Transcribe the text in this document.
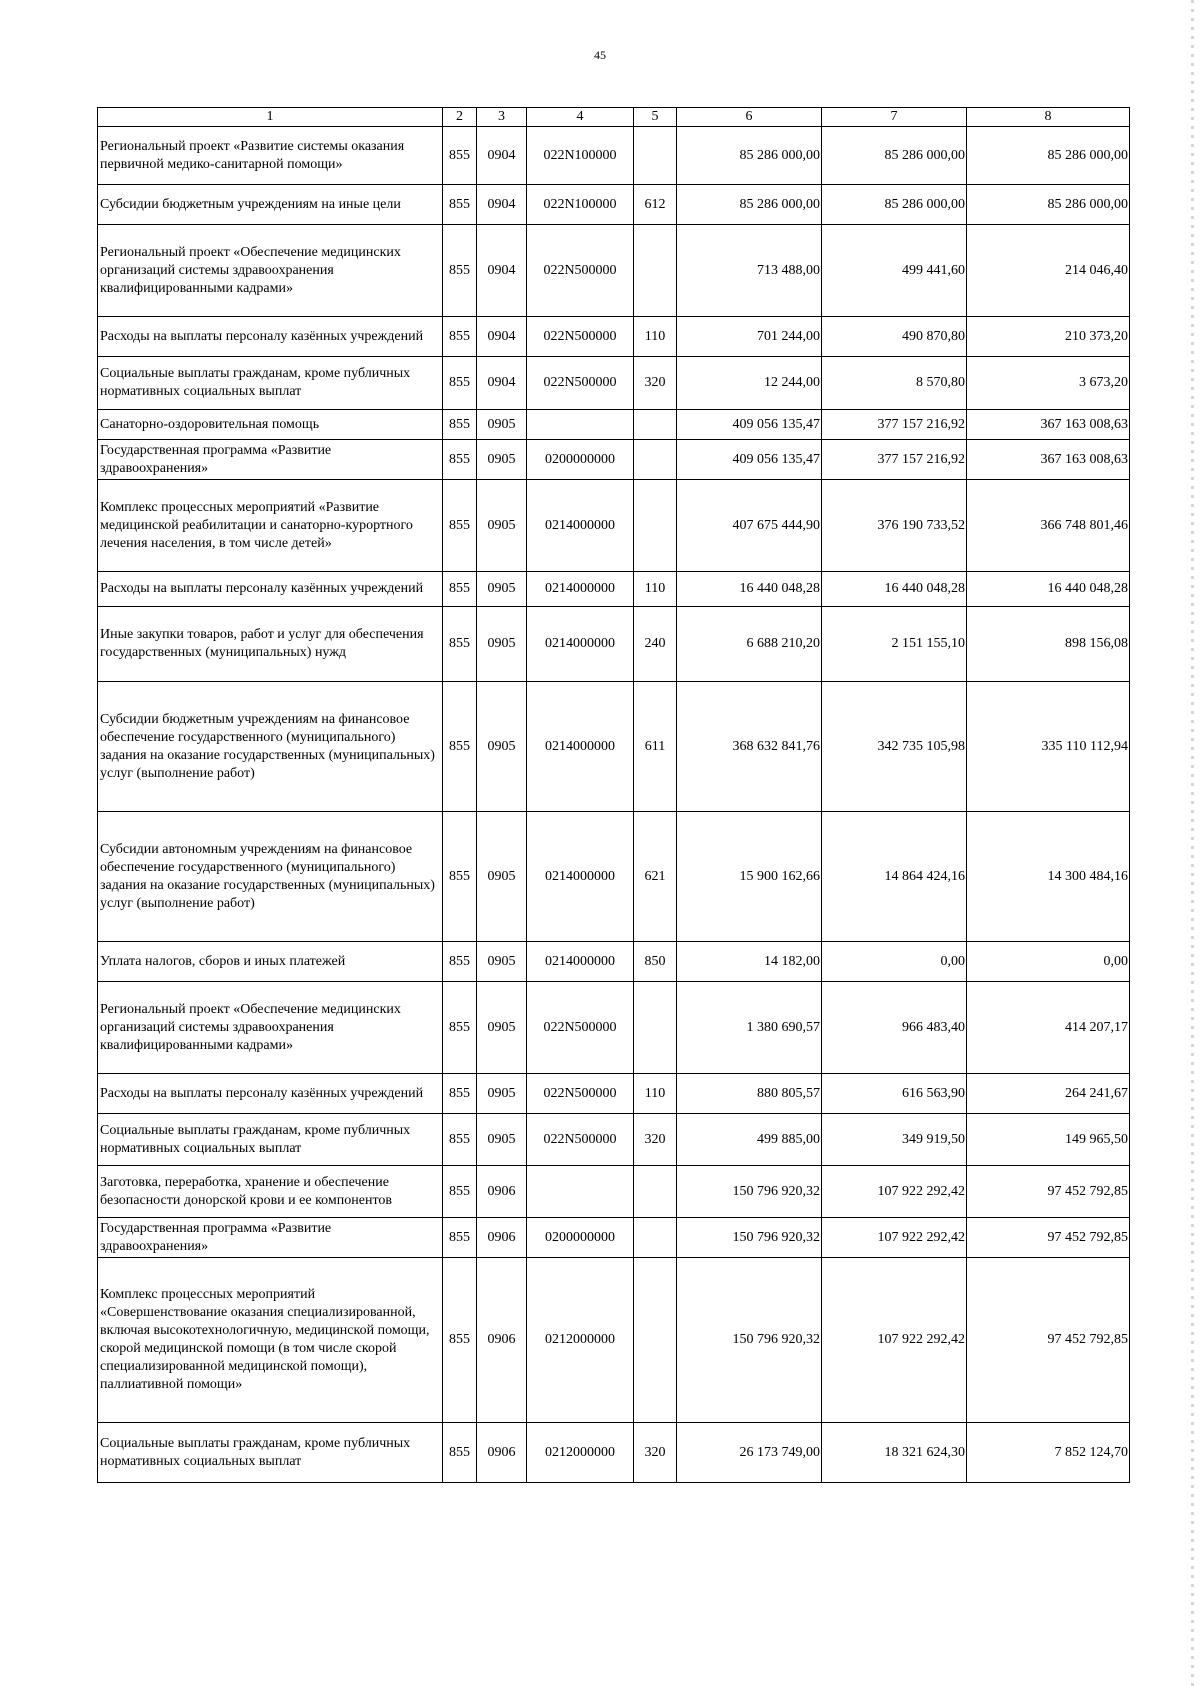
45
1	2	3	4	5	6	7	8
Региональный проект «Развитие системы оказания первичной медико-санитарной помощи»	855	0904	022N100000		85 286 000,00	85 286 000,00	85 286 000,00
Субсидии бюджетным учреждениям на иные цели	855	0904	022N100000	612	85 286 000,00	85 286 000,00	85 286 000,00
Региональный проект «Обеспечение медицинских организаций системы здравоохранения квалифицированными кадрами»	855	0904	022N500000		713 488,00	499 441,60	214 046,40
Расходы на выплаты персоналу казённых учреждений	855	0904	022N500000	110	701 244,00	490 870,80	210 373,20
Социальные выплаты гражданам, кроме публичных нормативных социальных выплат	855	0904	022N500000	320	12 244,00	8 570,80	3 673,20
Санаторно-оздоровительная помощь	855	0905			409 056 135,47	377 157 216,92	367 163 008,63
Государственная программа «Развитие здравоохранения»	855	0905	0200000000		409 056 135,47	377 157 216,92	367 163 008,63
Комплекс процессных мероприятий «Развитие медицинской реабилитации и санаторно-курортного лечения населения, в том числе детей»	855	0905	0214000000		407 675 444,90	376 190 733,52	366 748 801,46
Расходы на выплаты персоналу казённых учреждений	855	0905	0214000000	110	16 440 048,28	16 440 048,28	16 440 048,28
Иные закупки товаров, работ и услуг для обеспечения государственных (муниципальных) нужд	855	0905	0214000000	240	6 688 210,20	2 151 155,10	898 156,08
Субсидии бюджетным учреждениям на финансовое обеспечение государственного (муниципального) задания на оказание государственных (муниципальных) услуг (выполнение работ)	855	0905	0214000000	611	368 632 841,76	342 735 105,98	335 110 112,94
Субсидии автономным учреждениям на финансовое обеспечение государственного (муниципального) задания на оказание государственных (муниципальных) услуг (выполнение работ)	855	0905	0214000000	621	15 900 162,66	14 864 424,16	14 300 484,16
Уплата налогов, сборов и иных платежей	855	0905	0214000000	850	14 182,00	0,00	0,00
Региональный проект «Обеспечение медицинских организаций системы здравоохранения квалифицированными кадрами»	855	0905	022N500000		1 380 690,57	966 483,40	414 207,17
Расходы на выплаты персоналу казённых учреждений	855	0905	022N500000	110	880 805,57	616 563,90	264 241,67
Социальные выплаты гражданам, кроме публичных нормативных социальных выплат	855	0905	022N500000	320	499 885,00	349 919,50	149 965,50
Заготовка, переработка, хранение и обеспечение безопасности донорской крови и ее компонентов	855	0906			150 796 920,32	107 922 292,42	97 452 792,85
Государственная программа «Развитие здравоохранения»	855	0906	0200000000		150 796 920,32	107 922 292,42	97 452 792,85
Комплекс процессных мероприятий «Совершенствование оказания специализированной, включая высокотехнологичную, медицинской помощи, скорой медицинской помощи (в том числе скорой специализированной медицинской помощи), паллиативной помощи»	855	0906	0212000000		150 796 920,32	107 922 292,42	97 452 792,85
Социальные выплаты гражданам, кроме публичных нормативных социальных выплат	855	0906	0212000000	320	26 173 749,00	18 321 624,30	7 852 124,70
